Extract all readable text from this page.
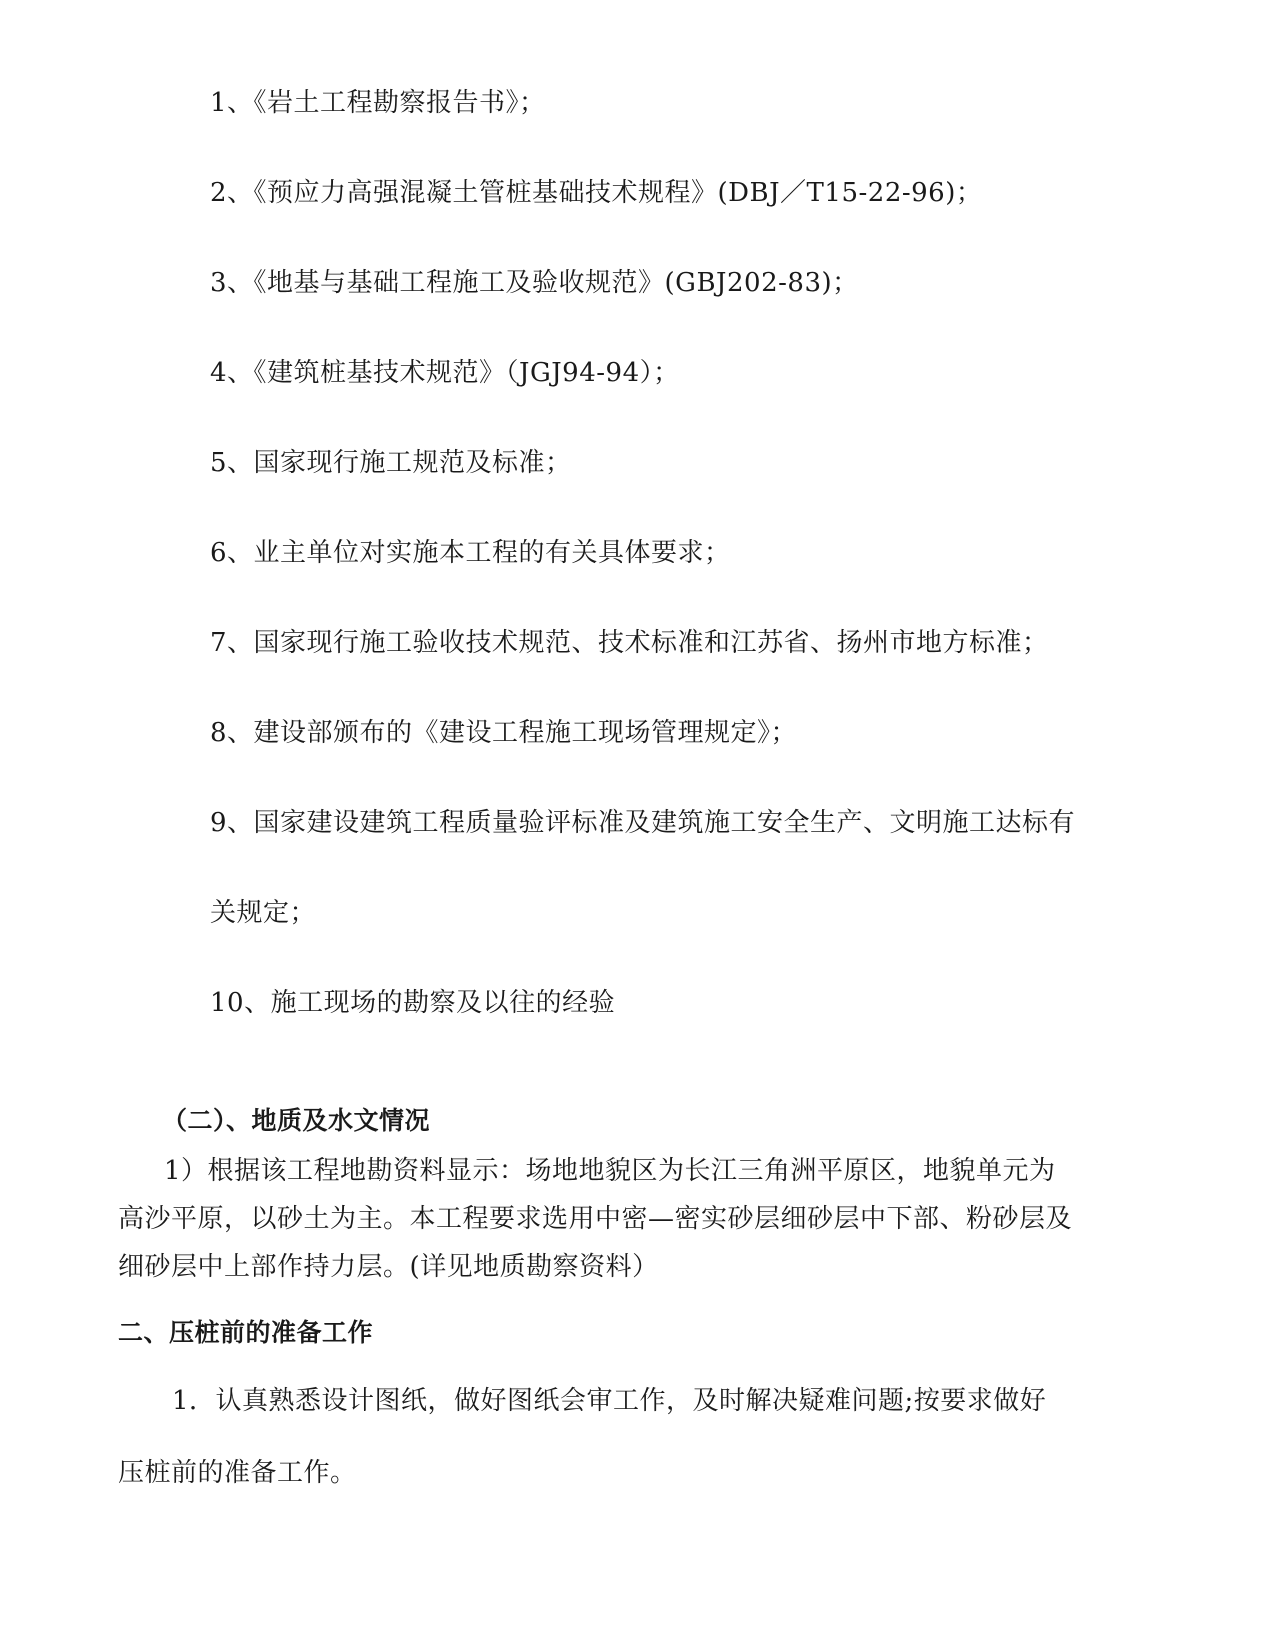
1、《岩土工程勘察报告书》；
2、《预应力高强混凝土管桩基础技术规程》(DBJ／T15-22-96)；
3、《地基与基础工程施工及验收规范》(GBJ202-83)；
4、《建筑桩基技术规范》（JGJ94-94）；
5、国家现行施工规范及标准；
6、业主单位对实施本工程的有关具体要求；
7、国家现行施工验收技术规范、技术标准和江苏省、扬州市地方标准；
8、建设部颁布的《建设工程施工现场管理规定》；
9、国家建设建筑工程质量验评标准及建筑施工安全生产、文明施工达标有
关规定；
10、施工现场的勘察及以往的经验
（二）、地质及水文情况
1）根据该工程地勘资料显示：场地地貌区为长江三角洲平原区，地貌单元为
高沙平原，以砂土为主。本工程要求选用中密—密实砂层细砂层中下部、粉砂层及
细砂层中上部作持力层。(详见地质勘察资料）
二、压桩前的准备工作
1．认真熟悉设计图纸，做好图纸会审工作，及时解决疑难问题;按要求做好
压桩前的准备工作。
